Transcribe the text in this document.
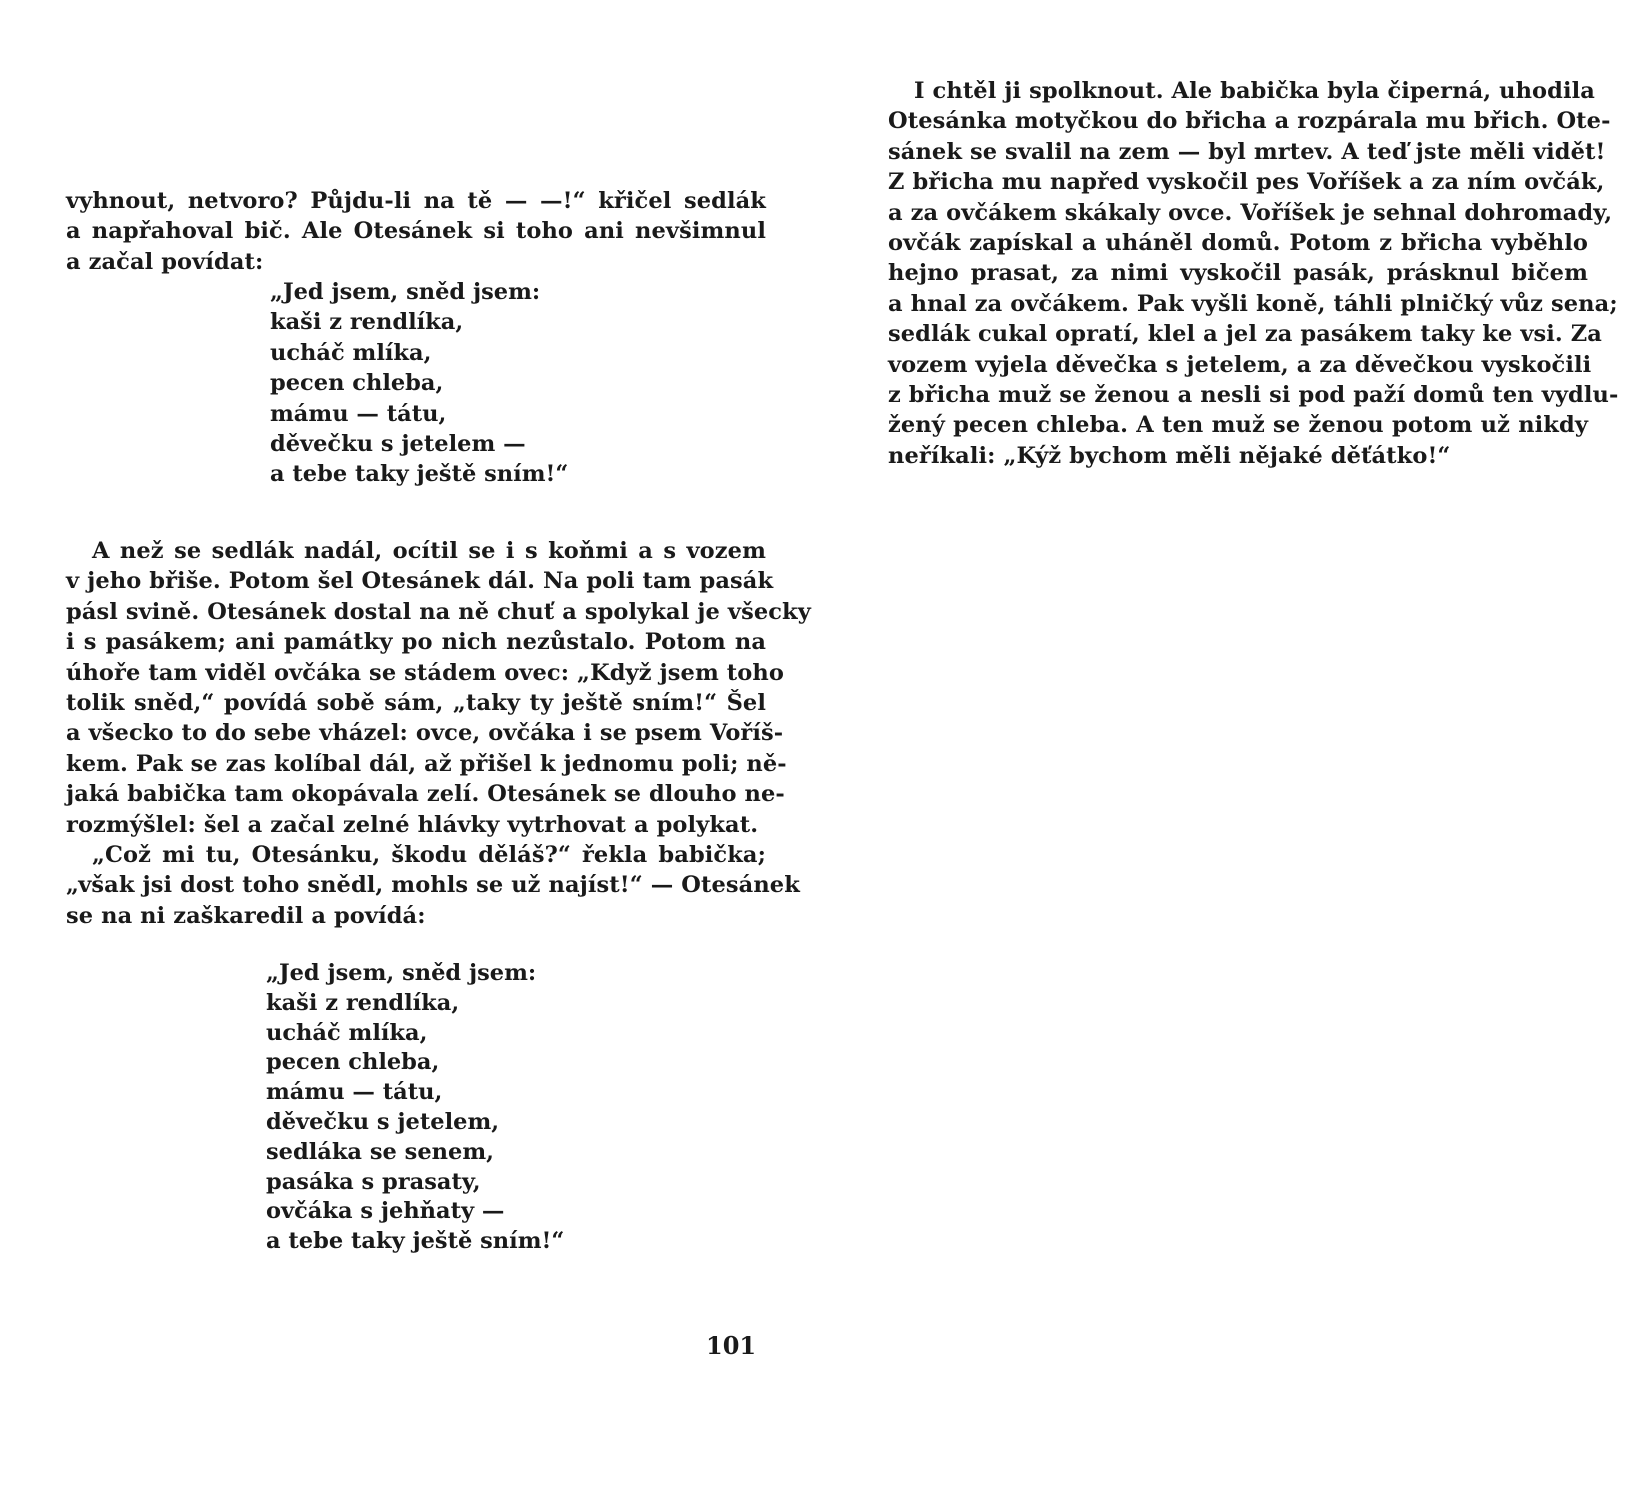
vyhnout, netvoro? Půjdu-li na tě — —!“ křičel sedlák
a napřahoval bič. Ale Otesánek si toho ani nevšimnul
a začal povídat:
„Jed jsem, sněd jsem:
kaši z rendlíka,
ucháč mlíka,
pecen chleba,
mámu — tátu,
děvečku s jetelem —
a tebe taky ještě sním!“
A než se sedlák nadál, ocítil se i s koňmi a s vozem
v jeho břiše. Potom šel Otesánek dál. Na poli tam pasák
pásl svině. Otesánek dostal na ně chuť a spolykal je všecky
i s pasákem; ani památky po nich nezůstalo. Potom na
úhoře tam viděl ovčáka se stádem ovec: „Když jsem toho
tolik sněd,“ povídá sobě sám, „taky ty ještě sním!“ Šel
a všecko to do sebe vházel: ovce, ovčáka i se psem Voříš-
kem. Pak se zas kolíbal dál, až přišel k jednomu poli; ně-
jaká babička tam okopávala zelí. Otesánek se dlouho ne-
rozmýšlel: šel a začal zelné hlávky vytrhovat a polykat.
„Což mi tu, Otesánku, škodu děláš?“ řekla babička;
„však jsi dost toho snědl, mohls se už najíst!“ — Otesánek
se na ni zaškaredil a povídá:
„Jed jsem, sněd jsem:
kaši z rendlíka,
ucháč mlíka,
pecen chleba,
mámu — tátu,
děvečku s jetelem,
sedláka se senem,
pasáka s prasaty,
ovčáka s jehňaty —
a tebe taky ještě sním!“
101
I chtěl ji spolknout. Ale babička byla čiperná, uhodila
Otesánka motyčkou do břicha a rozpárala mu břich. Ote-
sánek se svalil na zem — byl mrtev. A teď jste měli vidět!
Z břicha mu napřed vyskočil pes Voříšek a za ním ovčák,
a za ovčákem skákaly ovce. Voříšek je sehnal dohromady,
ovčák zapískal a uháněl domů. Potom z břicha vyběhlo
hejno prasat, za nimi vyskočil pasák, prásknul bičem
a hnal za ovčákem. Pak vyšli koně, táhli plničký vůz sena;
sedlák cukal opratí, klel a jel za pasákem taky ke vsi. Za
vozem vyjela děvečka s jetelem, a za děvečkou vyskočili
z břicha muž se ženou a nesli si pod paží domů ten vydlu-
žený pecen chleba. A ten muž se ženou potom už nikdy
neříkali: „Kýž bychom měli nějaké děťátko!“
